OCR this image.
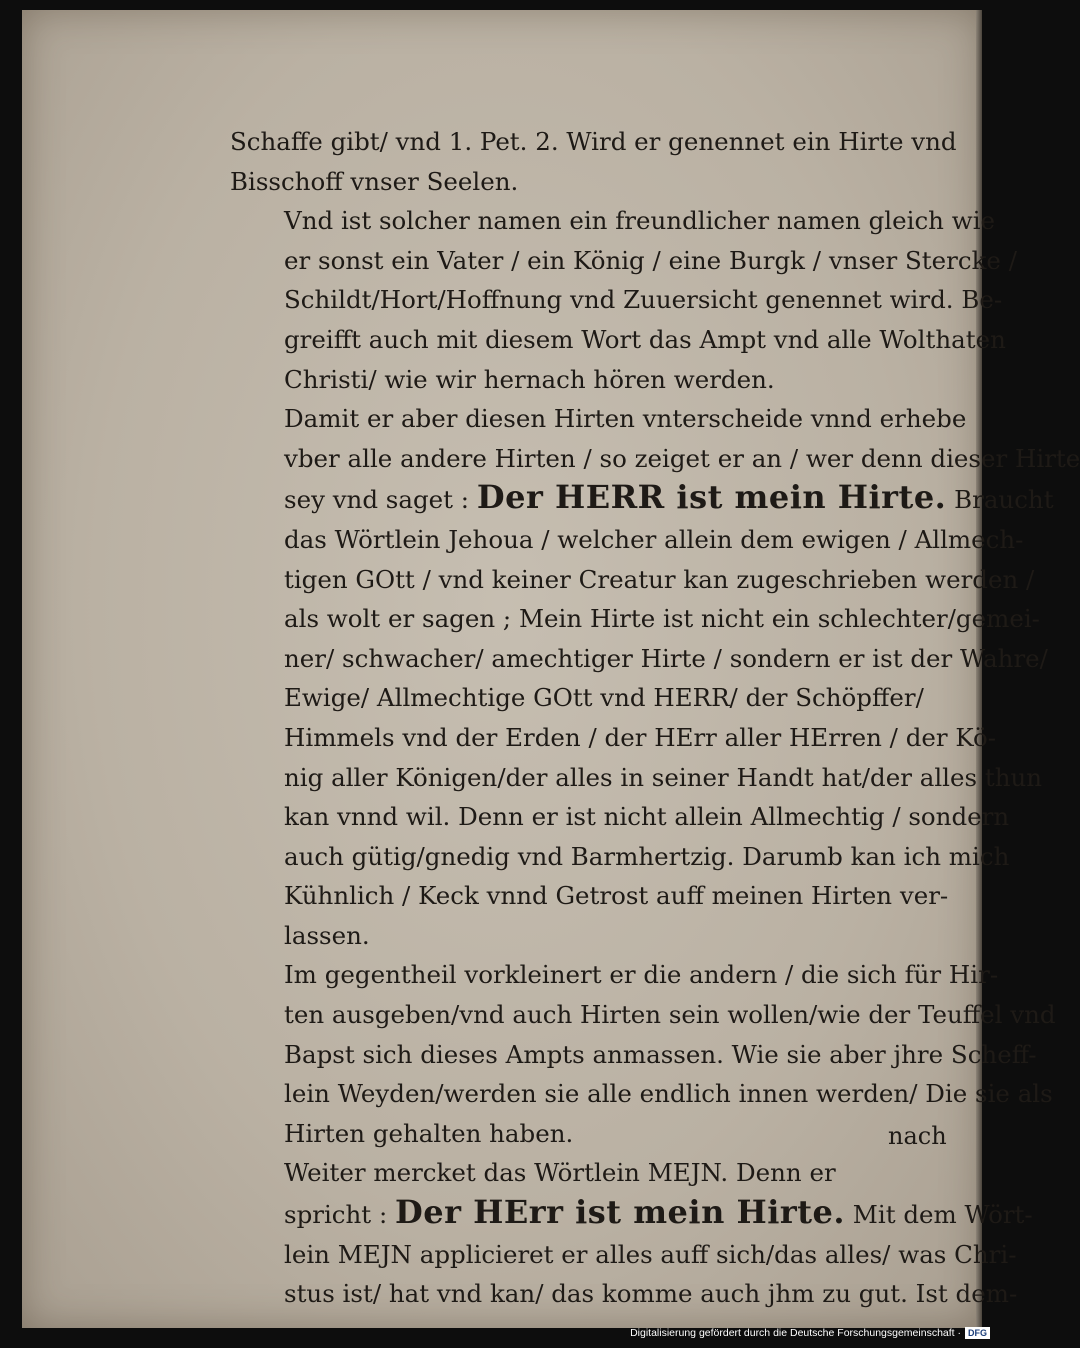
Schaffe gibt/ vnd 1. Pet. 2. Wird er genennet ein Hirte vnd
Bisschoff vnser Seelen.

Vnd ist solcher namen ein freundlicher namen gleich wie
er sonst ein Vater / ein König / eine Burgk / vnser Stercke /
Schildt/Hort/Hoffnung vnd Zuuersicht genennet wird. Be-
greifft auch mit diesem Wort das Ampt vnd alle Wolthaten
Christi/ wie wir hernach hören werden.

Damit er aber diesen Hirten vnterscheide vnnd erhebe
vber alle andere Hirten / so zeiget er an / wer denn dieser Hirte
sey vnd saget : Der HERR ist mein Hirte. Braucht
das Wörtlein Jehoua / welcher allein dem ewigen / Allmech-
tigen GOtt / vnd keiner Creatur kan zugeschrieben werden /
als wolt er sagen ; Mein Hirte ist nicht ein schlechter/gemei-
ner/ schwacher/ amechtiger Hirte / sondern er ist der Wahre/
Ewige/ Allmechtige GOtt vnd HERR/ der Schöpffer/
Himmels vnd der Erden / der HErr aller HErren / der Kö-
nig aller Königen/der alles in seiner Handt hat/der alles thun
kan vnnd wil. Denn er ist nicht allein Allmechtig / sondern
auch gütig/gnedig vnd Barmhertzig. Darumb kan ich mich
Kühnlich / Keck vnnd Getrost auff meinen Hirten ver-
lassen.

Im gegentheil vorkleinert er die andern / die sich für Hir-
ten ausgeben/vnd auch Hirten sein wollen/wie der Teuffel vnd
Bapst sich dieses Ampts anmassen. Wie sie aber jhre Scheff-
lein Weyden/werden sie alle endlich innen werden/ Die sie als
Hirten gehalten haben.

Weiter mercket das Wörtlein MEJN. Denn er
spricht : Der HErr ist mein Hirte. Mit dem Wört-
lein MEJN applicieret er alles auff sich/das alles/ was Chri-
stus ist/ hat vnd kan/ das komme auch jhm zu gut. Ist dem-

nach
Digitalisierung gefördert durch die Deutsche Forschungsgemeinschaft · DFG
